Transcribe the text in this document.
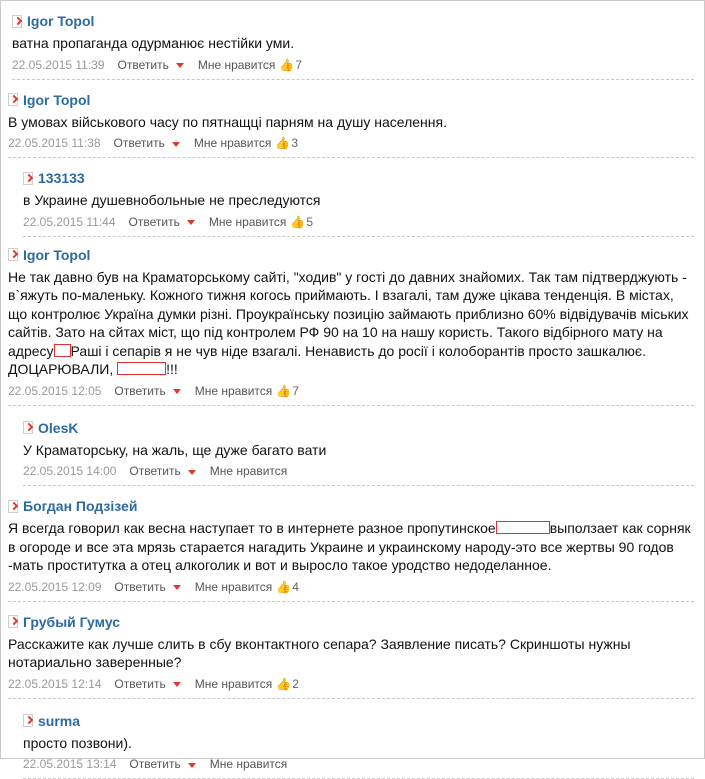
Igor Topol
ватна пропаганда одурманює нестійки уми.
22.05.2015 11:39 Ответить Мне нравится 👍 7
Igor Topol
В умовах військового часу по пятнащці парням на душу населення.
22.05.2015 11:38 Ответить Мне нравится 👍 3
133133
в Украине душевнобольные не преследуются
22.05.2015 11:44 Ответить Мне нравится 👍 5
Igor Topol
Не так давно був на Краматорському сайті, "ходив" у гості до давних знайомих. Так там підтверджують - в`яжуть по-маленьку. Кожного тижня когось приймають. І взагалі, там дуже цікава тенденція. В містах, що контролює Україна думки різні. Проукраїнську позицію займають приблизно 60% відвідувачів міських сайтів. Зато на сйтах міст, що під контролем РФ 90 на 10 на нашу користь. Такого відбірного мату на адресу Раші і сепарів я не чув ніде взагалі. Ненависть до росії і колоборантів просто зашкалює. ДОЦАРЮВАЛИ,	!!!
22.05.2015 12:05 Ответить Мне нравится 👍 7
OlesK
У Краматорську, на жаль, ще дуже багато вати
22.05.2015 14:00 Ответить Мне нравится
Богдан Подзізей
Я всегда говорил как весна наступает то в интернете разное пропутинское	выползает как сорняк в огороде и все эта мрязь старается нагадить Украине и украинскому народу-это все жертвы 90 годов -мать проститутка а отец алкоголик и вот и выросло такое уродство недоделанное.
22.05.2015 12:09 Ответить Мне нравится 👍 4
Грубый Гумус
Расскажите как лучше слить в сбу вконтактного сепара? Заявление писать? Скриншоты нужны нотариально заверенные?
22.05.2015 12:14 Ответить Мне нравится 👍 2
surma
просто позвони).
22.05.2015 13:14 Ответить Мне нравится
